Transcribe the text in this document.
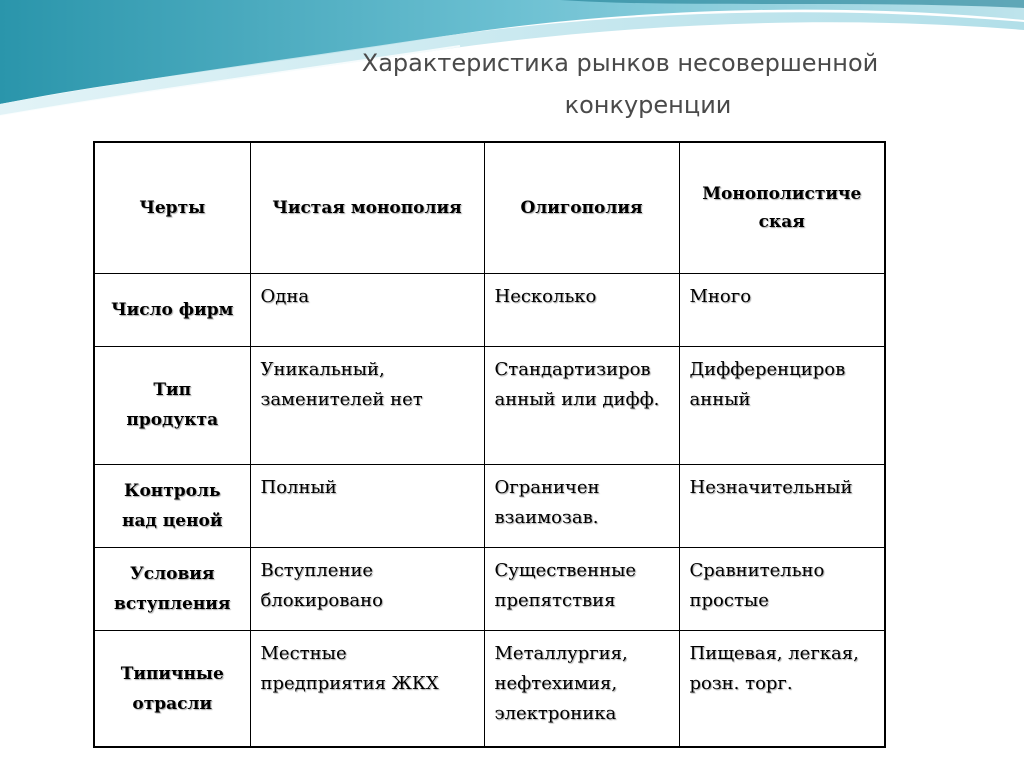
Характеристика рынков несовершенной
конкуренции
Черты	Чистая монополия	Олигополия	Монополистиче ская
Число фирм	Одна	Несколько	Много
Тип продукта	Уникальный, заменителей нет	Стандартизиров анный или дифф.	Дифференциров анный
Контроль над ценой	Полный	Ограничен взаимозав.	Незначительный
Условия вступления	Вступление блокировано	Существенные препятствия	Сравнительно простые
Типичные отрасли	Местные предприятия ЖКХ	Металлургия, нефтехимия, электроника	Пищевая, легкая, розн. торг.
